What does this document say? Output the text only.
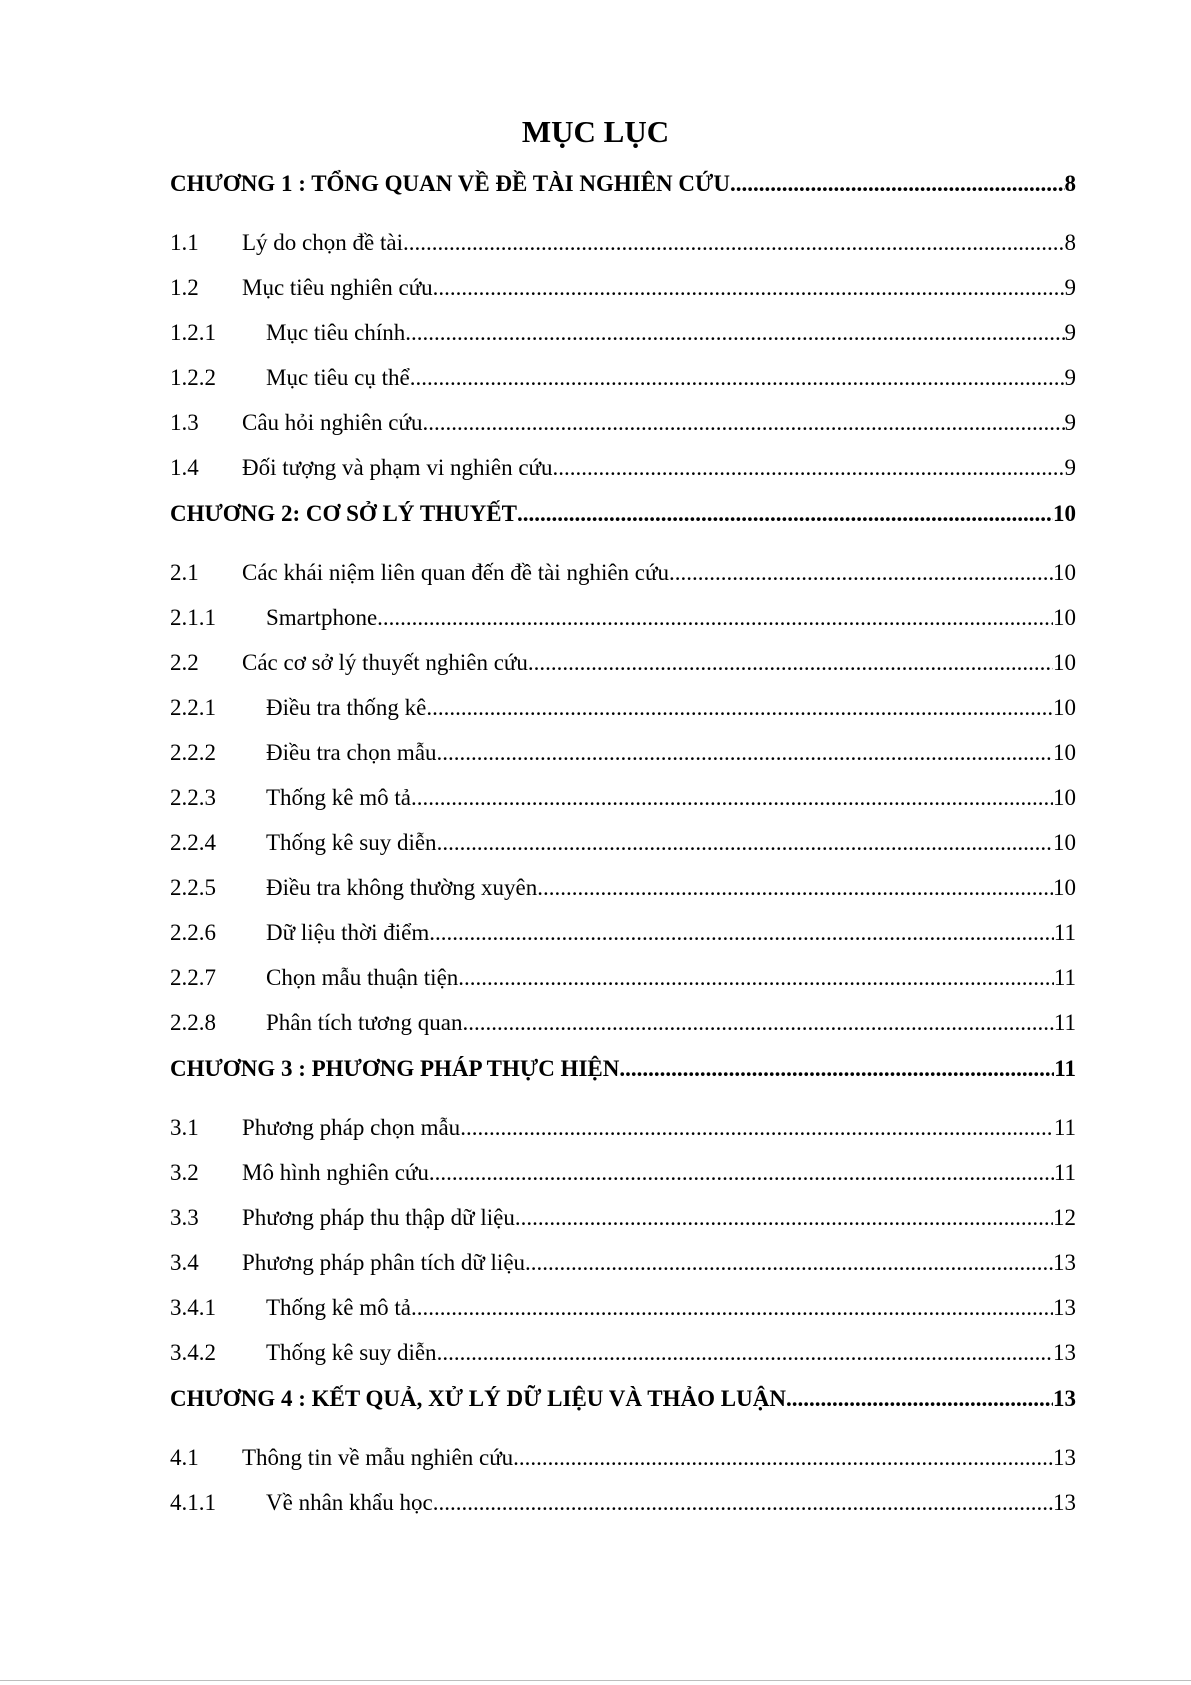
MỤC LỤC
CHƯƠNG 1 : TỔNG QUAN VỀ ĐỀ TÀI NGHIÊN CỨU .....	8
1.1	Lý do chọn đề tài .....	8
1.2	Mục tiêu nghiên cứu .....	9
1.2.1	Mục tiêu chính .....	9
1.2.2	Mục tiêu cụ thể .....	9
1.3	Câu hỏi nghiên cứu .....	9
1.4	Đối tượng và phạm vi nghiên cứu .....	9
CHƯƠNG 2: CƠ SỞ LÝ THUYẾT .....	10
2.1	Các khái niệm liên quan đến đề tài nghiên cứu. .....	10
2.1.1	Smartphone .....	10
2.2	Các cơ sở lý thuyết nghiên cứu .....	10
2.2.1	Điều tra thống kê .....	10
2.2.2	Điều tra chọn mẫu .....	10
2.2.3	Thống kê mô tả .....	10
2.2.4	Thống kê suy diễn .....	10
2.2.5	Điều tra không thường xuyên .....	10
2.2.6	Dữ liệu thời điểm .....	11
2.2.7	Chọn mẫu thuận tiện .....	11
2.2.8	Phân tích tương quan .....	11
CHƯƠNG 3 : PHƯƠNG PHÁP THỰC HIỆN .....	11
3.1	Phương pháp chọn mẫu .....	11
3.2	Mô hình nghiên cứu .....	11
3.3	Phương pháp thu thập dữ liệu .....	12
3.4	Phương pháp phân tích dữ liệu .....	13
3.4.1	Thống kê mô tả .....	13
3.4.2	Thống kê suy diễn .....	13
CHƯƠNG 4 : KẾT QUẢ, XỬ LÝ DỮ LIỆU VÀ THẢO LUẬN .....	13
4.1	Thông tin về mẫu nghiên cứu .....	13
4.1.1	Về nhân khẩu học .....	13
